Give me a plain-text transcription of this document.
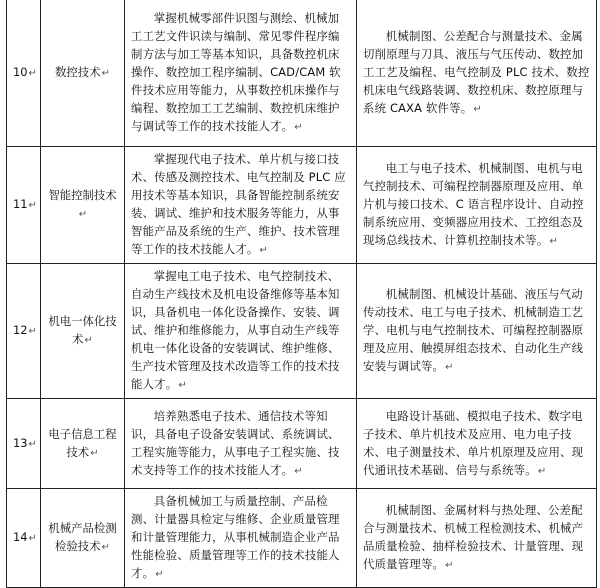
10↵	数控技术↵	掌握机械零部件识图与测绘、机械加工工艺文件识读与编制、常见零件程序编制方法与加工等基本知识，具备数控机床操作、数控加工程序编制、CAD/CAM 软件技术应用等能力，从事数控机床操作与编程、数控加工工艺编制、数控机床维护与调试等工作的技术技能人才。↵	机械制图、公差配合与测量技术、金属切削原理与刀具、液压与气压传动、数控加工工艺及编程、电气控制及 PLC 技术、数控机床电气线路装调、数控机床、数控原理与系统 CAXA 软件等。↵
11↵	智能控制技术↵	掌握现代电子技术、单片机与接口技术、传感及测控技术、电气控制及 PLC 应用技术等基本知识，具备智能控制系统安装、调试、维护和技术服务等能力，从事智能产品及系统的生产、维护、技术管理等工作的技术技能人才。↵	电工与电子技术、机械制图、电机与电气控制技术、可编程控制器原理及应用、单片机与接口技术、C 语言程序设计、自动控制系统应用、变频器应用技术、工控组态及现场总线技术、计算机控制技术等。↵
12↵	机电一体化技术↵	掌握电工电子技术、电气控制技术、自动生产线技术及机电设备维修等基本知识，具备机电一体化设备操作、安装、调试、维护和维修能力，从事自动生产线等机电一体化设备的安装调试、维护维修、生产技术管理及技术改造等工作的技术技能人才。↵	机械制图、机械设计基础、液压与气动传动技术、电工与电子技术、机械制造工艺学、电机与电气控制技术、可编程控制器原理及应用、触摸屏组态技术、自动化生产线安装与调试等。↵
13↵	电子信息工程技术↵	培养熟悉电子技术、通信技术等知识，具备电子设备安装调试、系统调试、工程实施等能力，从事电子工程实施、技术支持等工作的技术技能人才。↵	电路设计基础、模拟电子技术、数字电子技术、单片机技术及应用、电力电子技术、电子测量技术、单片机原理及应用、现代通讯技术基础、信号与系统等。↵
14↵	机械产品检测检验技术↵	具备机械加工与质量控制、产品检测、计量器具检定与维修、企业质量管理和计量管理能力，从事机械制造企业产品性能检验、质量管理等工作的技术技能人才。↵	机械制图、金属材料与热处理、公差配合与测量技术、机械工程检测技术、机械产品质量检验、抽样检验技术、计量管理、现代质量管理等。↵
